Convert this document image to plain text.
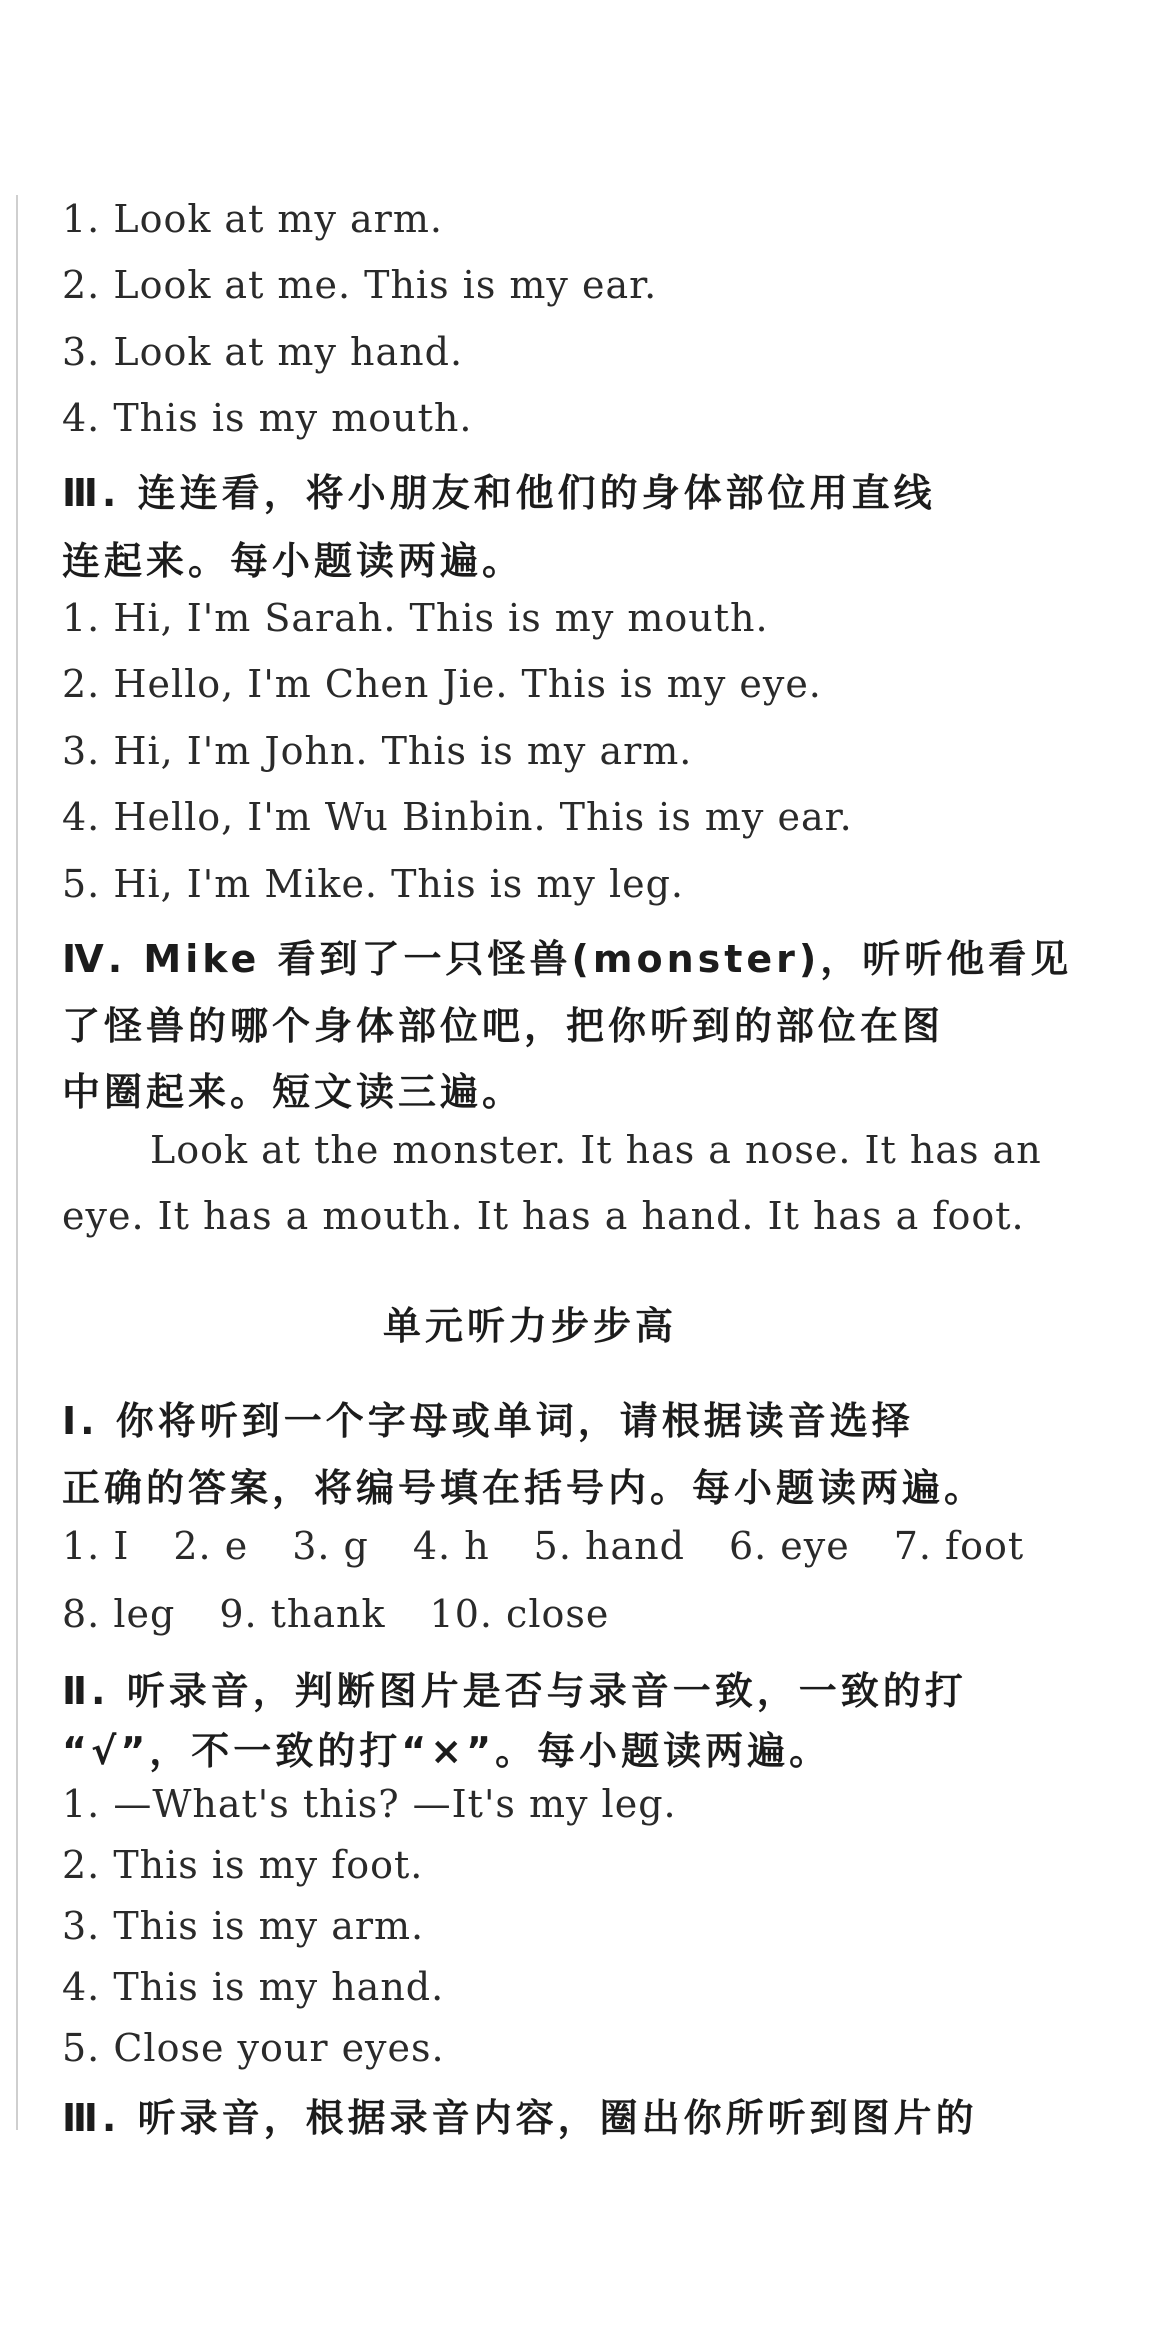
1. Look at my arm.
2. Look at me. This is my ear.
3. Look at my hand.
4. This is my mouth.
Ⅲ. 连连看，将小朋友和他们的身体部位用直线
连起来。每小题读两遍。
1. Hi, I'm Sarah. This is my mouth.
2. Hello, I'm Chen Jie. This is my eye.
3. Hi, I'm John. This is my arm.
4. Hello, I'm Wu Binbin. This is my ear.
5. Hi, I'm Mike. This is my leg.
Ⅳ. Mike 看到了一只怪兽(monster)，听听他看见
了怪兽的哪个身体部位吧，把你听到的部位在图
中圈起来。短文读三遍。
Look at the monster. It has a nose. It has an
eye. It has a mouth. It has a hand. It has a foot.
单元听力步步高
Ⅰ. 你将听到一个字母或单词，请根据读音选择
正确的答案，将编号填在括号内。每小题读两遍。
1. I 2. e 3. g 4. h 5. hand 6. eye 7. foot
8. leg 9. thank 10. close
Ⅱ. 听录音，判断图片是否与录音一致，一致的打
“√”，不一致的打“×”。每小题读两遍。
1. —What's this? —It's my leg.
2. This is my foot.
3. This is my arm.
4. This is my hand.
5. Close your eyes.
Ⅲ. 听录音，根据录音内容，圈出你所听到图片的
